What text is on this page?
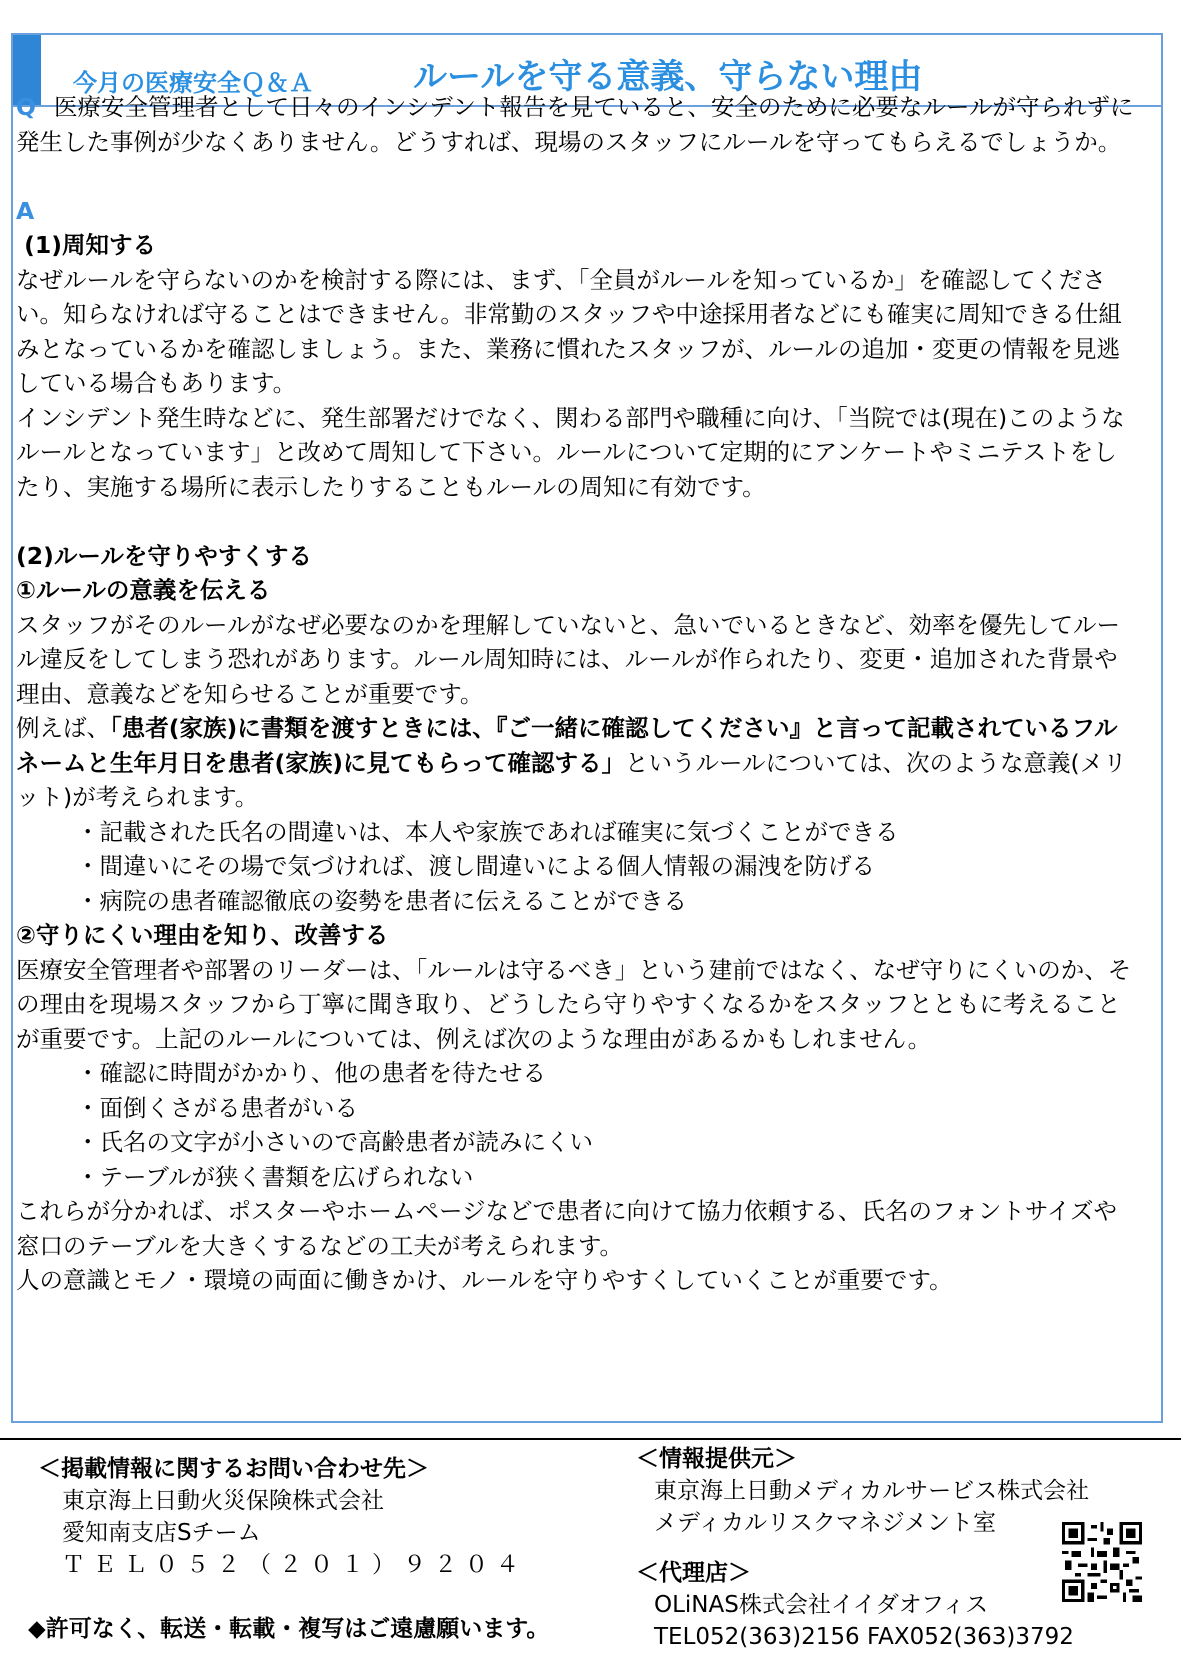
今月の医療安全Ｑ＆Ａ	ルールを守る意義、守らない理由

Q 医療安全管理者として日々のインシデント報告を見ていると、安全のために必要なルールが守られずに発生した事例が少なくありません。どうすれば、現場のスタッフにルールを守ってもらえるでしょうか。

A

(1)周知する

なぜルールを守らないのかを検討する際には、まず、「全員がルールを知っているか」を確認してください。知らなければ守ることはできません。非常勤のスタッフや中途採用者などにも確実に周知できる仕組みとなっているかを確認しましょう。また、業務に慣れたスタッフが、ルールの追加・変更の情報を見逃している場合もあります。

インシデント発生時などに、発生部署だけでなく、関わる部門や職種に向け、「当院では(現在)このようなルールとなっています」と改めて周知して下さい。ルールについて定期的にアンケートやミニテストをしたり、実施する場所に表示したりすることもルールの周知に有効です。

(2)ルールを守りやすくする

①ルールの意義を伝える

スタッフがそのルールがなぜ必要なのかを理解していないと、急いでいるときなど、効率を優先してルール違反をしてしまう恐れがあります。ルール周知時には、ルールが作られたり、変更・追加された背景や理由、意義などを知らせることが重要です。

例えば、「患者(家族)に書類を渡すときには、『ご一緒に確認してください』と言って記載されているフルネームと生年月日を患者(家族)に見てもらって確認する」というルールについては、次のような意義(メリット)が考えられます。

・記載された氏名の間違いは、本人や家族であれば確実に気づくことができる

・間違いにその場で気づければ、渡し間違いによる個人情報の漏洩を防げる

・病院の患者確認徹底の姿勢を患者に伝えることができる

②守りにくい理由を知り、改善する

医療安全管理者や部署のリーダーは、「ルールは守るべき」という建前ではなく、なぜ守りにくいのか、その理由を現場スタッフから丁寧に聞き取り、どうしたら守りやすくなるかをスタッフとともに考えることが重要です。上記のルールについては、例えば次のような理由があるかもしれません。

・確認に時間がかかり、他の患者を待たせる

・面倒くさがる患者がいる

・氏名の文字が小さいので高齢患者が読みにくい

・テーブルが狭く書類を広げられない

これらが分かれば、ポスターやホームページなどで患者に向けて協力依頼する、氏名のフォントサイズや窓口のテーブルを大きくするなどの工夫が考えられます。

人の意識とモノ・環境の両面に働きかけ、ルールを守りやすくしていくことが重要です。

＜掲載情報に関するお問い合わせ先＞
東京海上日動火災保険株式会社
愛知南支店Sチーム
ＴＥＬ０５２（２０１）９２０４
◆許可なく、転送・転載・複写はご遠慮願います。
＜情報提供元＞
東京海上日動メディカルサービス株式会社
メディカルリスクマネジメント室
＜代理店＞
OLiNAS株式会社イイダオフィス
TEL052(363)2156 FAX052(363)3792
